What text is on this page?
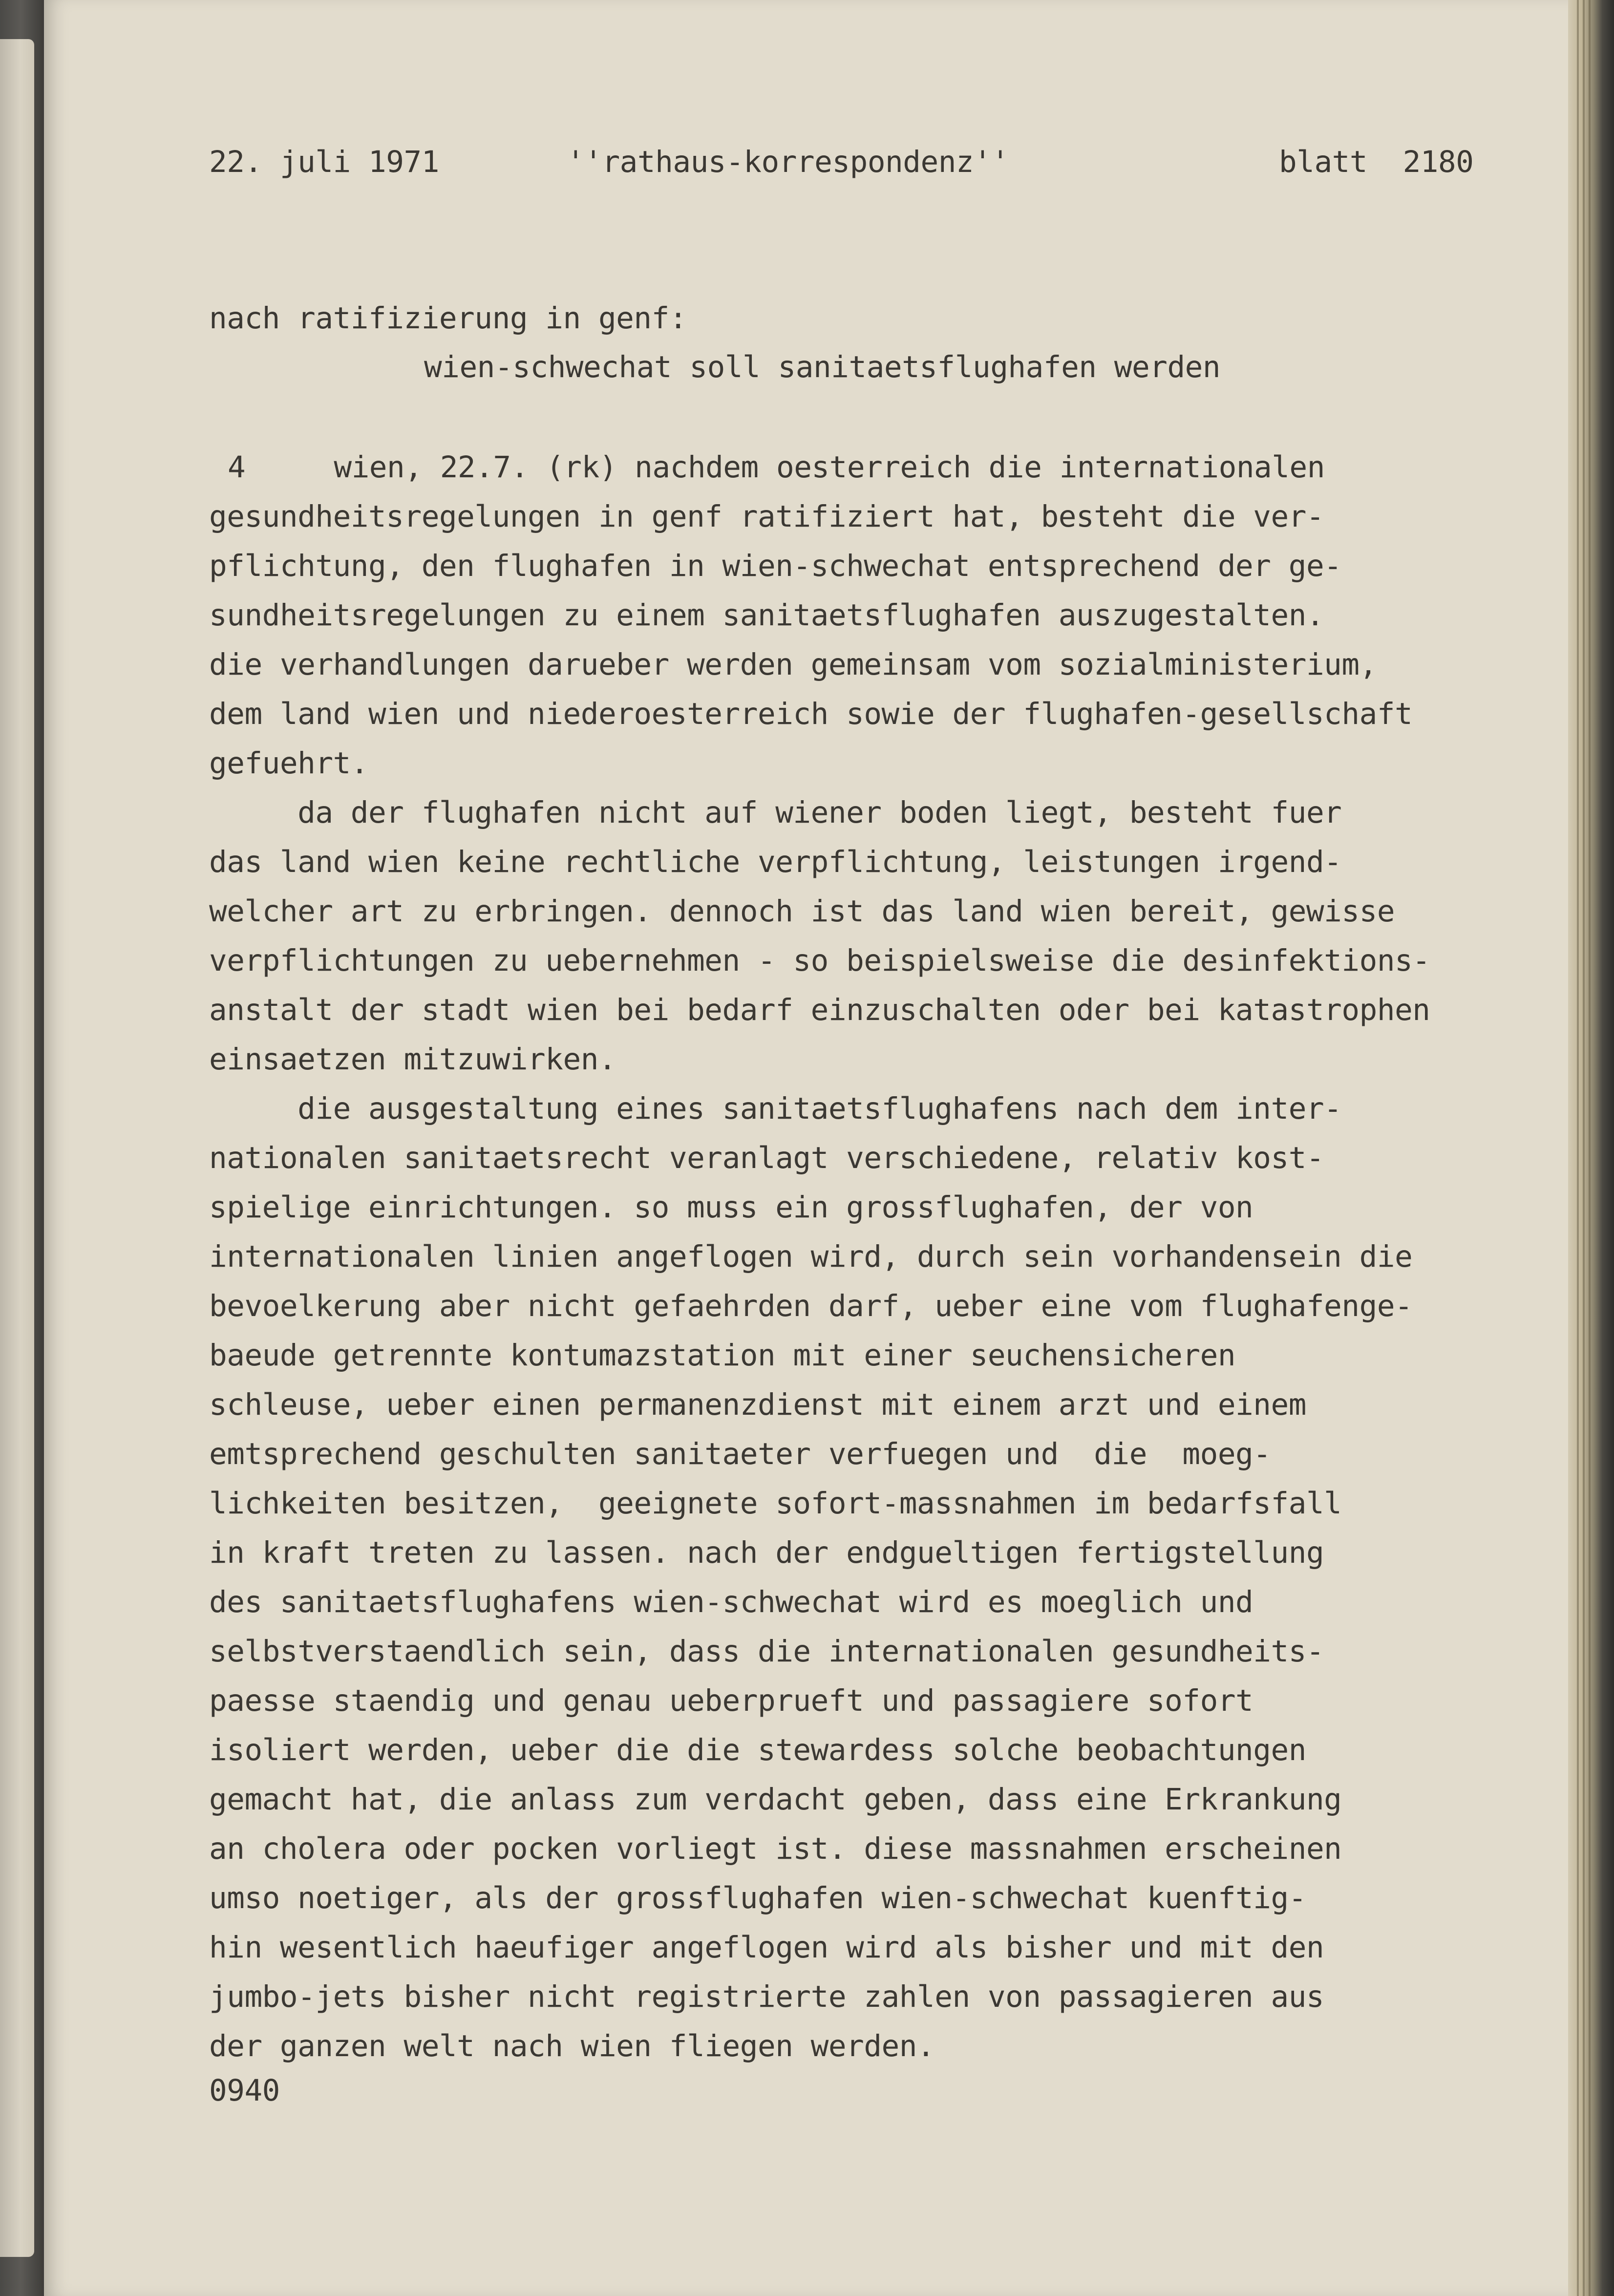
22. juli 1971	''rathaus-korrespondenz''	blatt  2180

nach ratifizierung in genf:

wien-schwechat soll sanitaetsflughafen werden

4     wien, 22.7. (rk) nachdem oesterreich die internationalen

gesundheitsregelungen in genf ratifiziert hat, besteht die ver-

pflichtung, den flughafen in wien-schwechat entsprechend der ge-

sundheitsregelungen zu einem sanitaetsflughafen auszugestalten.

die verhandlungen darueber werden gemeinsam vom sozialministerium,

dem land wien und niederoesterreich sowie der flughafen-gesellschaft

gefuehrt.

da der flughafen nicht auf wiener boden liegt, besteht fuer

das land wien keine rechtliche verpflichtung, leistungen irgend-

welcher art zu erbringen. dennoch ist das land wien bereit, gewisse

verpflichtungen zu uebernehmen - so beispielsweise die desinfektions-

anstalt der stadt wien bei bedarf einzuschalten oder bei katastrophen

einsaetzen mitzuwirken.

die ausgestaltung eines sanitaetsflughafens nach dem inter-

nationalen sanitaetsrecht veranlagt verschiedene, relativ kost-

spielige einrichtungen. so muss ein grossflughafen, der von

internationalen linien angeflogen wird, durch sein vorhandensein die

bevoelkerung aber nicht gefaehrden darf, ueber eine vom flughafenge-

baeude getrennte kontumazstation mit einer seuchensicheren

schleuse, ueber einen permanenzdienst mit einem arzt und einem

emtsprechend geschulten sanitaeter verfuegen und  die  moeg-

lichkeiten besitzen,  geeignete sofort-massnahmen im bedarfsfall

in kraft treten zu lassen. nach der endgueltigen fertigstellung

des sanitaetsflughafens wien-schwechat wird es moeglich und

selbstverstaendlich sein, dass die internationalen gesundheits-

paesse staendig und genau ueberprueft und passagiere sofort

isoliert werden, ueber die die stewardess solche beobachtungen

gemacht hat, die anlass zum verdacht geben, dass eine Erkrankung

an cholera oder pocken vorliegt ist. diese massnahmen erscheinen

umso noetiger, als der grossflughafen wien-schwechat kuenftig-

hin wesentlich haeufiger angeflogen wird als bisher und mit den

jumbo-jets bisher nicht registrierte zahlen von passagieren aus

der ganzen welt nach wien fliegen werden.

0940
